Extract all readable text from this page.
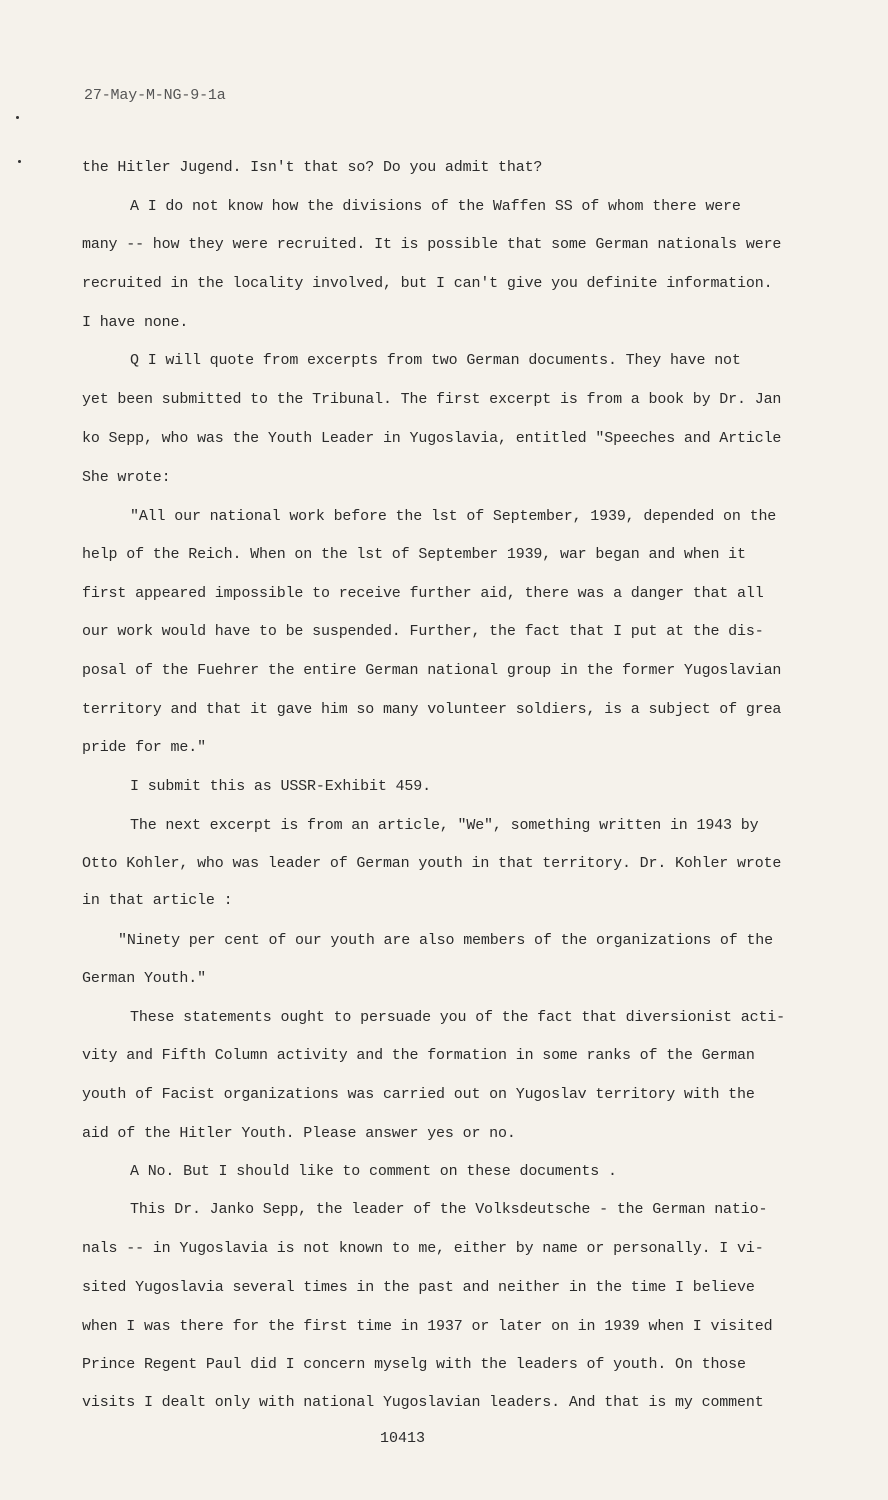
27-May-M-NG-9-1a

the Hitler Jugend. Isn't that so? Do you admit that?

A I do not know how the divisions of the Waffen SS of whom there were

many -- how they were recruited. It is possible that some German nationals were

recruited in the locality involved, but I can't give you definite information.

I have none.

Q I will quote from excerpts from two German documents. They have not

yet been submitted to the Tribunal. The first excerpt is from a book by Dr. Jan

ko Sepp, who was the Youth Leader in Yugoslavia, entitled "Speeches and Article

She wrote:

"All our national work before the lst of September, 1939, depended on the

help of the Reich. When on the lst of September 1939, war began and when it

first appeared impossible to receive further aid, there was a danger that all

our work would have to be suspended. Further, the fact that I put at the dis-

posal of the Fuehrer the entire German national group in the former Yugoslavian

territory and that it gave him so many volunteer soldiers, is a subject of grea

pride for me."

I submit this as USSR-Exhibit 459.

The next excerpt is from an article, "We", something written in 1943 by

Otto Kohler, who was leader of German youth in that territory. Dr. Kohler wrote

in that article :

"Ninety per cent of our youth are also members of the organizations of the

German Youth."

These statements ought to persuade you of the fact that diversionist acti-

vity and Fifth Column activity and the formation in some ranks of the German

youth of Facist organizations was carried out on Yugoslav territory with the

aid of the Hitler Youth. Please answer yes or no.

A No. But I should like to comment on these documents .

This Dr. Janko Sepp, the leader of the Volksdeutsche - the German natio-

nals -- in Yugoslavia is not known to me, either by name or personally. I vi-

sited Yugoslavia several times in the past and neither in the time I believe

when I was there for the first time in 1937 or later on in 1939 when I visited

Prince Regent Paul did I concern myselg with the leaders of youth. On those

visits I dealt only with national Yugoslavian leaders. And that is my comment

10413
